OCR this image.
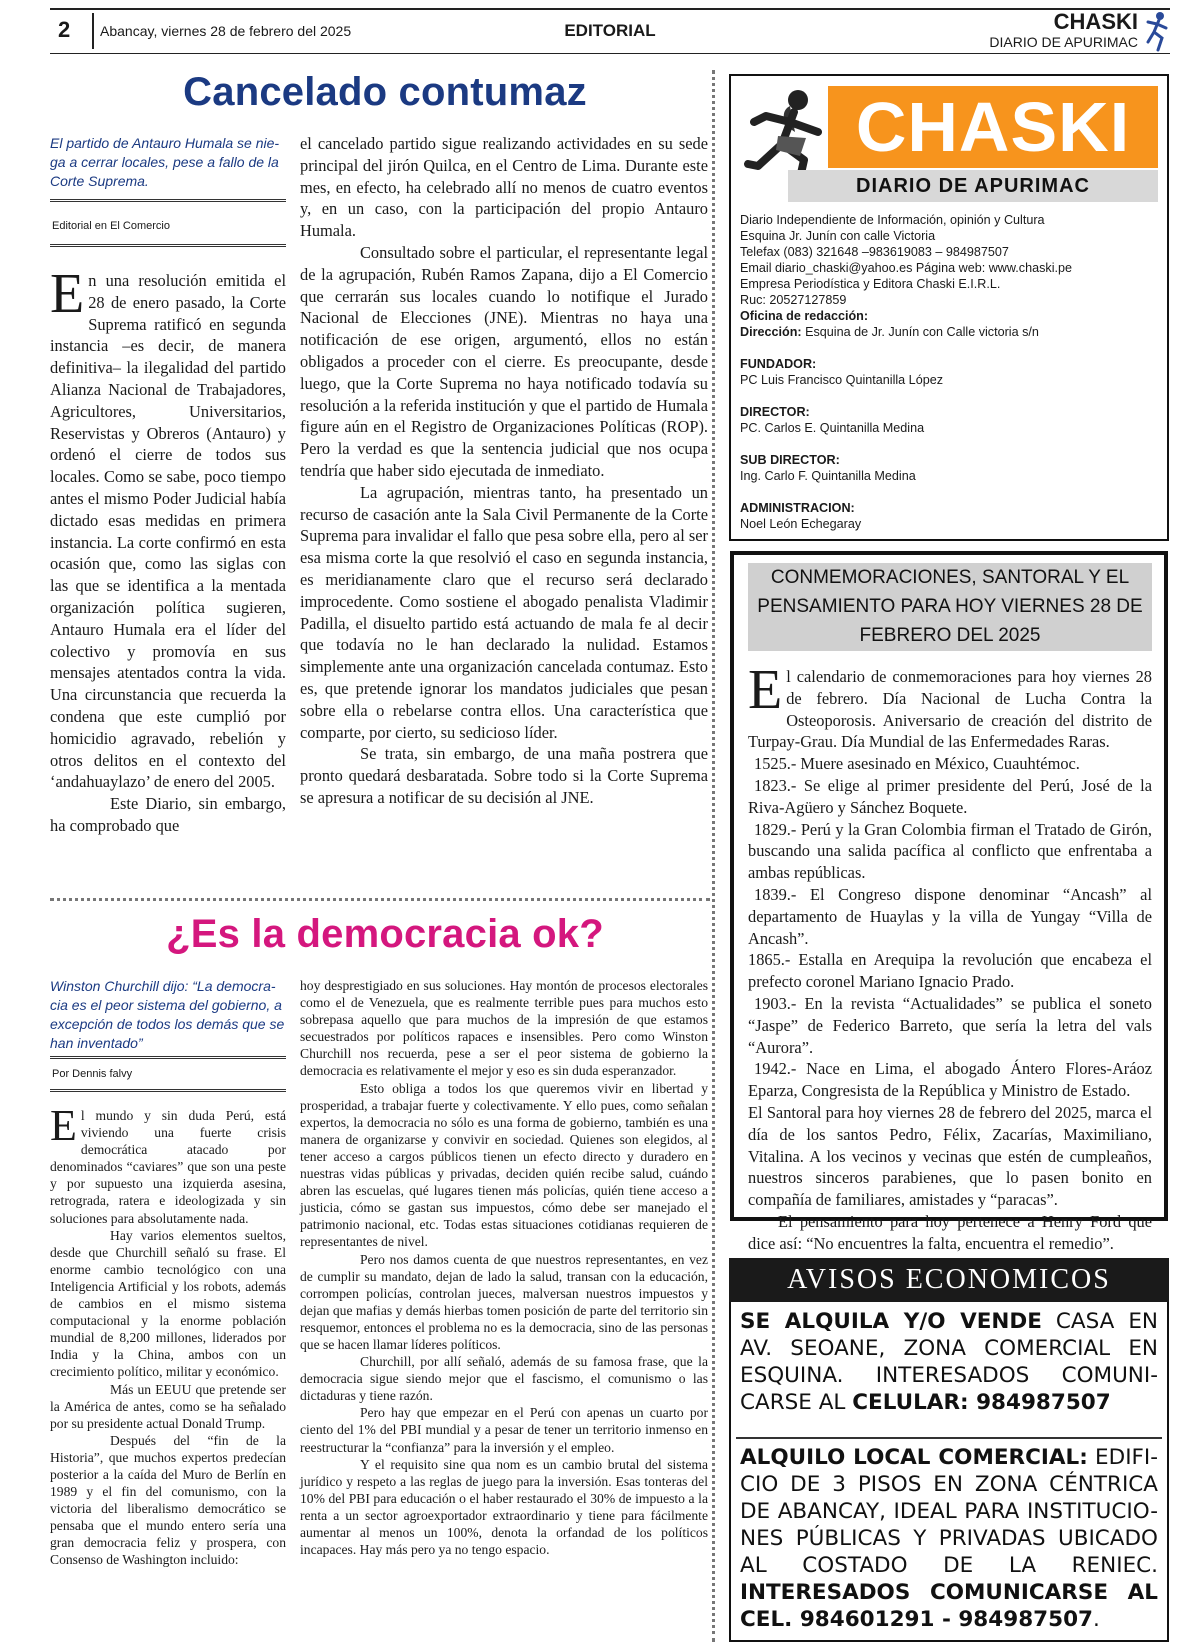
2 Abancay, viernes 28 de febrero del 2025	EDITORIAL	CHASKI
DIARIO DE APURIMAC
Cancelado contumaz
El partido de Antauro Humala se nie-ga a cerrar locales, pese a fallo de la Corte Suprema.
Editorial en El Comercio

En una resolución emitida el 28 de enero pasado, la Corte Suprema ratificó en segunda instancia –es decir, de manera definitiva– la ilegalidad del partido Alianza Nacional de Trabajadores, Agricultores, Universitarios, Reservistas y Obreros (Antauro) y ordenó el cierre de todos sus locales. Como se sabe, poco tiempo antes el mismo Poder Judicial había dictado esas medidas en primera instancia. La corte confirmó en esta ocasión que, como las siglas con las que se identifica a la mentada organización política sugieren, Antauro Humala era el líder del colectivo y promovía en sus mensajes atentados contra la vida. Una circunstancia que recuerda la condena que este cumplió por homicidio agravado, rebelión y otros delitos en el contexto del ‘andahuaylazo’ de enero del 2005.

Este Diario, sin embargo, ha comprobado que

el cancelado partido sigue realizando actividades en su sede principal del jirón Quilca, en el Centro de Lima. Durante este mes, en efecto, ha celebrado allí no menos de cuatro eventos y, en un caso, con la participación del propio Antauro Humala.

Consultado sobre el particular, el representante legal de la agrupación, Rubén Ramos Zapana, dijo a El Comercio que cerrarán sus locales cuando lo notifique el Jurado Nacional de Elecciones (JNE). Mientras no haya una notificación de ese origen, argumentó, ellos no están obligados a proceder con el cierre. Es preocupante, desde luego, que la Corte Suprema no haya notificado todavía su resolución a la referida institución y que el partido de Humala figure aún en el Registro de Organizaciones Políticas (ROP). Pero la verdad es que la sentencia judicial que nos ocupa tendría que haber sido ejecutada de inmediato.

La agrupación, mientras tanto, ha presentado un recurso de casación ante la Sala Civil Permanente de la Corte Suprema para invalidar el fallo que pesa sobre ella, pero al ser esa misma corte la que resolvió el caso en segunda instancia, es meridianamente claro que el recurso será declarado improcedente. Como sostiene el abogado penalista Vladimir Padilla, el disuelto partido está actuando de mala fe al decir que todavía no le han declarado la nulidad. Estamos simplemente ante una organización cancelada contumaz. Esto es, que pretende ignorar los mandatos judiciales que pesan sobre ella o rebelarse contra ellos. Una característica que comparte, por cierto, su sedicioso líder.

Se trata, sin embargo, de una maña postrera que pronto quedará desbaratada. Sobre todo si la Corte Suprema se apresura a notificar de su decisión al JNE.

¿Es la democracia ok?
Winston Churchill dijo: “La democra-cia es el peor sistema del gobierno, a excepción de todos los demás que se han inventado”
Por Dennis falvy

El mundo y sin duda Perú, está viviendo una fuerte crisis democrática atacado por denominados “caviares” que son una peste y por supuesto una izquierda asesina, retrograda, ratera e ideologizada y sin soluciones para absolutamente nada.

Hay varios elementos sueltos, desde que Churchill señaló su frase. El enorme cambio tecnológico con una Inteligencia Artificial y los robots, además de cambios en el mismo sistema computacional y la enorme población mundial de 8,200 millones, liderados por India y la China, ambos con un crecimiento político, militar y económico.

Más un EEUU que pretende ser la América de antes, como se ha señalado por su presidente actual Donald Trump.

Después del “fin de la Historia”, que muchos expertos predecían posterior a la caída del Muro de Berlín en 1989 y el fin del comunismo, con la victoria del liberalismo democrático se pensaba que el mundo entero sería una gran democracia feliz y prospera, con Consenso de Washington incluido:

hoy desprestigiado en sus soluciones. Hay montón de procesos electorales como el de Venezuela, que es realmente terrible pues para muchos esto sobrepasa aquello que para muchos de la impresión de que estamos secuestrados por políticos rapaces e insensibles. Pero como Winston Churchill nos recuerda, pese a ser el peor sistema de gobierno la democracia es relativamente el mejor y eso es sin duda esperanzador.

Esto obliga a todos los que queremos vivir en libertad y prosperidad, a trabajar fuerte y colectivamente. Y ello pues, como señalan expertos, la democracia no sólo es una forma de gobierno, también es una manera de organizarse y convivir en sociedad. Quienes son elegidos, al tener acceso a cargos públicos tienen un efecto directo y duradero en nuestras vidas públicas y privadas, deciden quién recibe salud, cuándo abren las escuelas, qué lugares tienen más policías, quién tiene acceso a justicia, cómo se gastan sus impuestos, cómo debe ser manejado el patrimonio nacional, etc. Todas estas situaciones cotidianas requieren de representantes de nivel.

Pero nos damos cuenta de que nuestros representantes, en vez de cumplir su mandato, dejan de lado la salud, transan con la educación, corrompen policías, controlan jueces, malversan nuestros impuestos y dejan que mafias y demás hierbas tomen posición de parte del territorio sin resquemor, entonces el problema no es la democracia, sino de las personas que se hacen llamar líderes políticos.

Churchill, por allí señaló, además de su famosa frase, que la democracia sigue siendo mejor que el fascismo, el comunismo o las dictaduras y tiene razón.

Pero hay que empezar en el Perú con apenas un cuarto por ciento del 1% del PBI mundial y a pesar de tener un territorio inmenso en reestructurar la “confianza” para la inversión y el empleo.

Y el requisito sine qua nom es un cambio brutal del sistema jurídico y respeto a las reglas de juego para la inversión. Esas tonteras del 10% del PBI para educación o el haber restaurado el 30% de impuesto a la renta a un sector agroexportador extraordinario y tiene para fácilmente aumentar al menos un 100%, denota la orfandad de los políticos incapaces. Hay más pero ya no tengo espacio.

CHASKI
DIARIO DE APURIMAC
Diario Independiente de Información, opinión y Cultura
Esquina Jr. Junín con calle Victoria
Telefax (083) 321648 –983619083 – 984987507
Email diario_chaski@yahoo.es Página web: www.chaski.pe
Empresa Periodística y Editora Chaski E.I.R.L.
Ruc: 20527127859
Oficina de redacción:
Dirección: Esquina de Jr. Junín con Calle victoria s/n
FUNDADOR:
PC Luis Francisco Quintanilla López
DIRECTOR:
PC. Carlos E. Quintanilla Medina
SUB DIRECTOR:
Ing. Carlo F. Quintanilla Medina
ADMINISTRACION:
Noel León Echegaray
CONMEMORACIONES, SANTORAL Y EL PENSAMIENTO PARA HOY VIERNES 28 DE FEBRERO DEL 2025

El calendario de conmemoraciones para hoy viernes 28 de febrero. Día Nacional de Lucha Contra la Osteoporosis. Aniversario de creación del distrito de Turpay-Grau. Día Mundial de las Enfermedades Raras.

1525.- Muere asesinado en México, Cuauhtémoc.

1823.- Se elige al primer presidente del Perú, José de la Riva-Agüero y Sánchez Boquete.

1829.- Perú y la Gran Colombia firman el Tratado de Girón, buscando una salida pacífica al conflicto que enfrentaba a ambas repúblicas.

1839.- El Congreso dispone denominar “Ancash” al departamento de Huaylas y la villa de Yungay “Villa de Ancash”.

1865.- Estalla en Arequipa la revolución que encabeza el prefecto coronel Mariano Ignacio Prado.

1903.- En la revista “Actualidades” se publica el soneto “Jaspe” de Federico Barreto, que sería la letra del vals “Aurora”.

1942.- Nace en Lima, el abogado Ántero Flores-Aráoz Eparza, Congresista de la República y Ministro de Estado.

El Santoral para hoy viernes 28 de febrero del 2025, marca el día de los santos Pedro, Félix, Zacarías, Maximiliano, Vitalina. A los vecinos y vecinas que estén de cumpleaños, nuestros sinceros parabienes, que lo pasen bonito en compañía de familiares, amistades y “paracas”.

El pensamiento para hoy pertenece a Henry Ford que dice así: “No encuentres la falta, encuentra el remedio”.

AVISOS ECONOMICOS
SE ALQUILA Y/O VENDE CASA EN AV. SEOANE, ZONA COMERCIAL EN ESQUINA. INTERESADOS COMUNI-CARSE AL CELULAR: 984987507
ALQUILO LOCAL COMERCIAL: EDIFI-CIO DE 3 PISOS EN ZONA CÉNTRICA DE ABANCAY, IDEAL PARA INSTITUCIO-NES PÚBLICAS Y PRIVADAS UBICADO AL COSTADO DE LA RENIEC. INTERESADOS COMUNICARSE AL CEL. 984601291 - 984987507.
